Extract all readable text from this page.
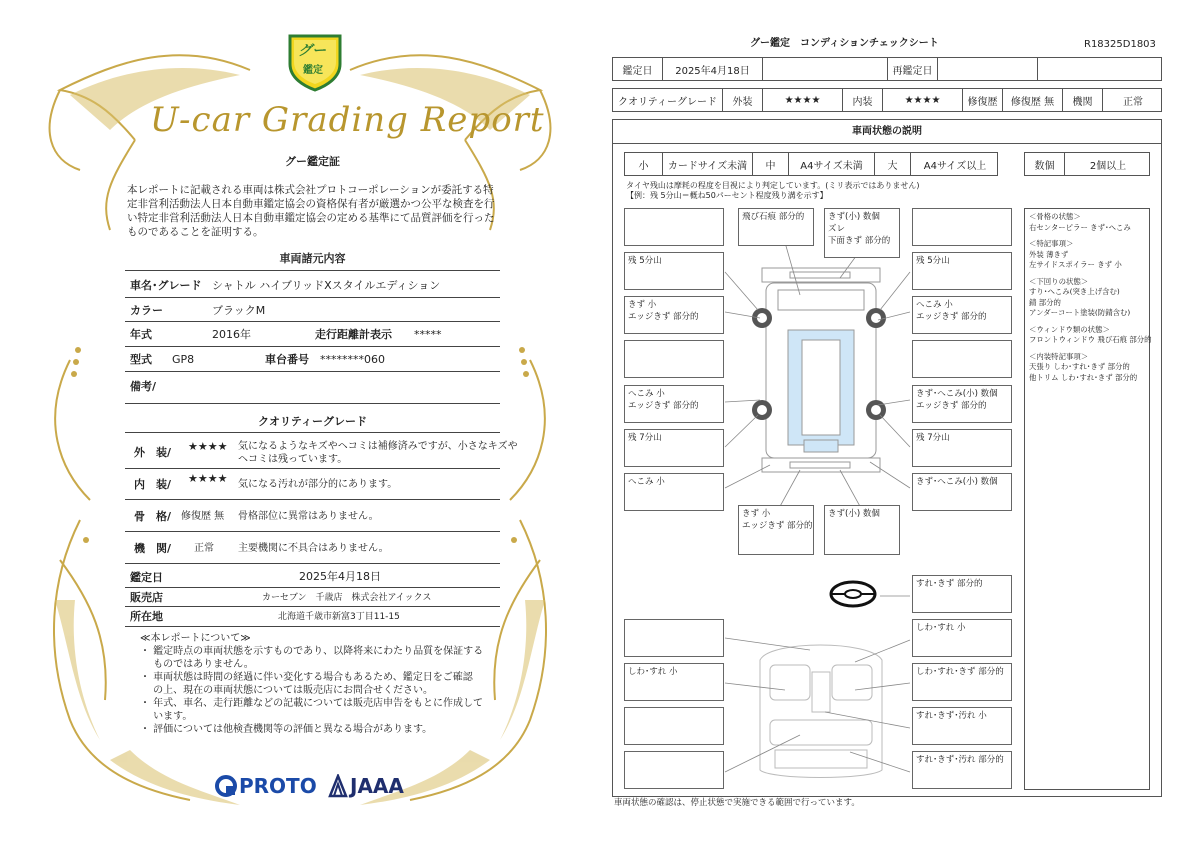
グー
鑑定
U-car Grading Report
グー鑑定証
本レポートに記載される車両は株式会社プロトコーポレーションが委託する特定非営利活動法人日本自動車鑑定協会の資格保有者が厳選かつ公平な検査を行い特定非営利活動法人日本自動車鑑定協会の定める基準にて品質評価を行ったものであることを証明する。
車両諸元内容
車名･グレード シャトル ハイブリッドXスタイルエディション
カラー	ブラックM
年式	2016年	走行距離計表示 *****
型式 GP8	車台番号 ********060
備考/
クオリティーグレード
外　装/ ★★★★ 気になるようなキズやヘコミは補修済みですが、小さなキズや
ヘコミは残っています。
内　装/ ★★★★ 気になる汚れが部分的にあります。
骨　格/ 修復歴 無 骨格部位に異常はありません。
機　関/ 正常 主要機関に不具合はありません。
鑑定日	2025年4月18日
販売店	カーセブン　千歳店　株式会社アイックス
所在地	北海道千歳市新富3丁目11-15
≪本レポートについて≫
・ 鑑定時点の車両状態を示すものであり、以降将来にわたり品質を保証する
　 ものではありません。
・ 車両状態は時間の経過に伴い変化する場合もあるため、鑑定日をご確認
　 の上、現在の車両状態については販売店にお問合せください。
・ 年式、車名、走行距離などの記載については販売店申告をもとに作成して
　 います。
・ 評価については他検査機関等の評価と異なる場合があります。
PROTO JAAA
グー鑑定　コンディションチェックシート	R18325D1803
鑑定日	2025年4月18日	再鑑定日
クオリティーグレード	外装	★★★★	内装	★★★★	修復歴	修復歴 無	機関	正常
車両状態の説明
小	カードサイズ未満	中	A4サイズ未満	大	A4サイズ以上	数個	2個以上
タイヤ残山は摩耗の程度を目視により判定しています。(ミリ表示ではありません)
【例：残 5分山＝概ね50パーセント程度残り溝を示す】
飛び石痕 部分的	きず(小) 数個
ズレ
下面きず 部分的
残 5分山	残 5分山
きず 小
エッジきず 部分的
へこみ 小
エッジきず 部分的
へこみ 小
エッジきず 部分的
きず･へこみ(小) 数個
エッジきず 部分的
残 7分山	残 7分山
へこみ 小	きず･へこみ(小) 数個
きず 小
エッジきず 部分的
きず(小) 数個
すれ･きず 部分的
しわ･すれ 小
しわ･すれ 小	しわ･すれ･きず 部分的
すれ･きず･汚れ 小
すれ･きず･汚れ 部分的
＜骨格の状態＞
右センターピラー きず･へこみ
＜特記事項＞
外装 薄きず
左サイドスポイラー きず 小
＜下回りの状態＞
すり･へこみ(突き上げ含む)
錆 部分的
アンダーコート塗装(防錆含む)
＜ウィンドウ類の状態＞
フロントウィンドウ 飛び石痕 部分的
＜内装特記事項＞
天張り しわ･すれ･きず 部分的
他トリム しわ･すれ･きず 部分的
車両状態の確認は、停止状態で実施できる範囲で行っています。
